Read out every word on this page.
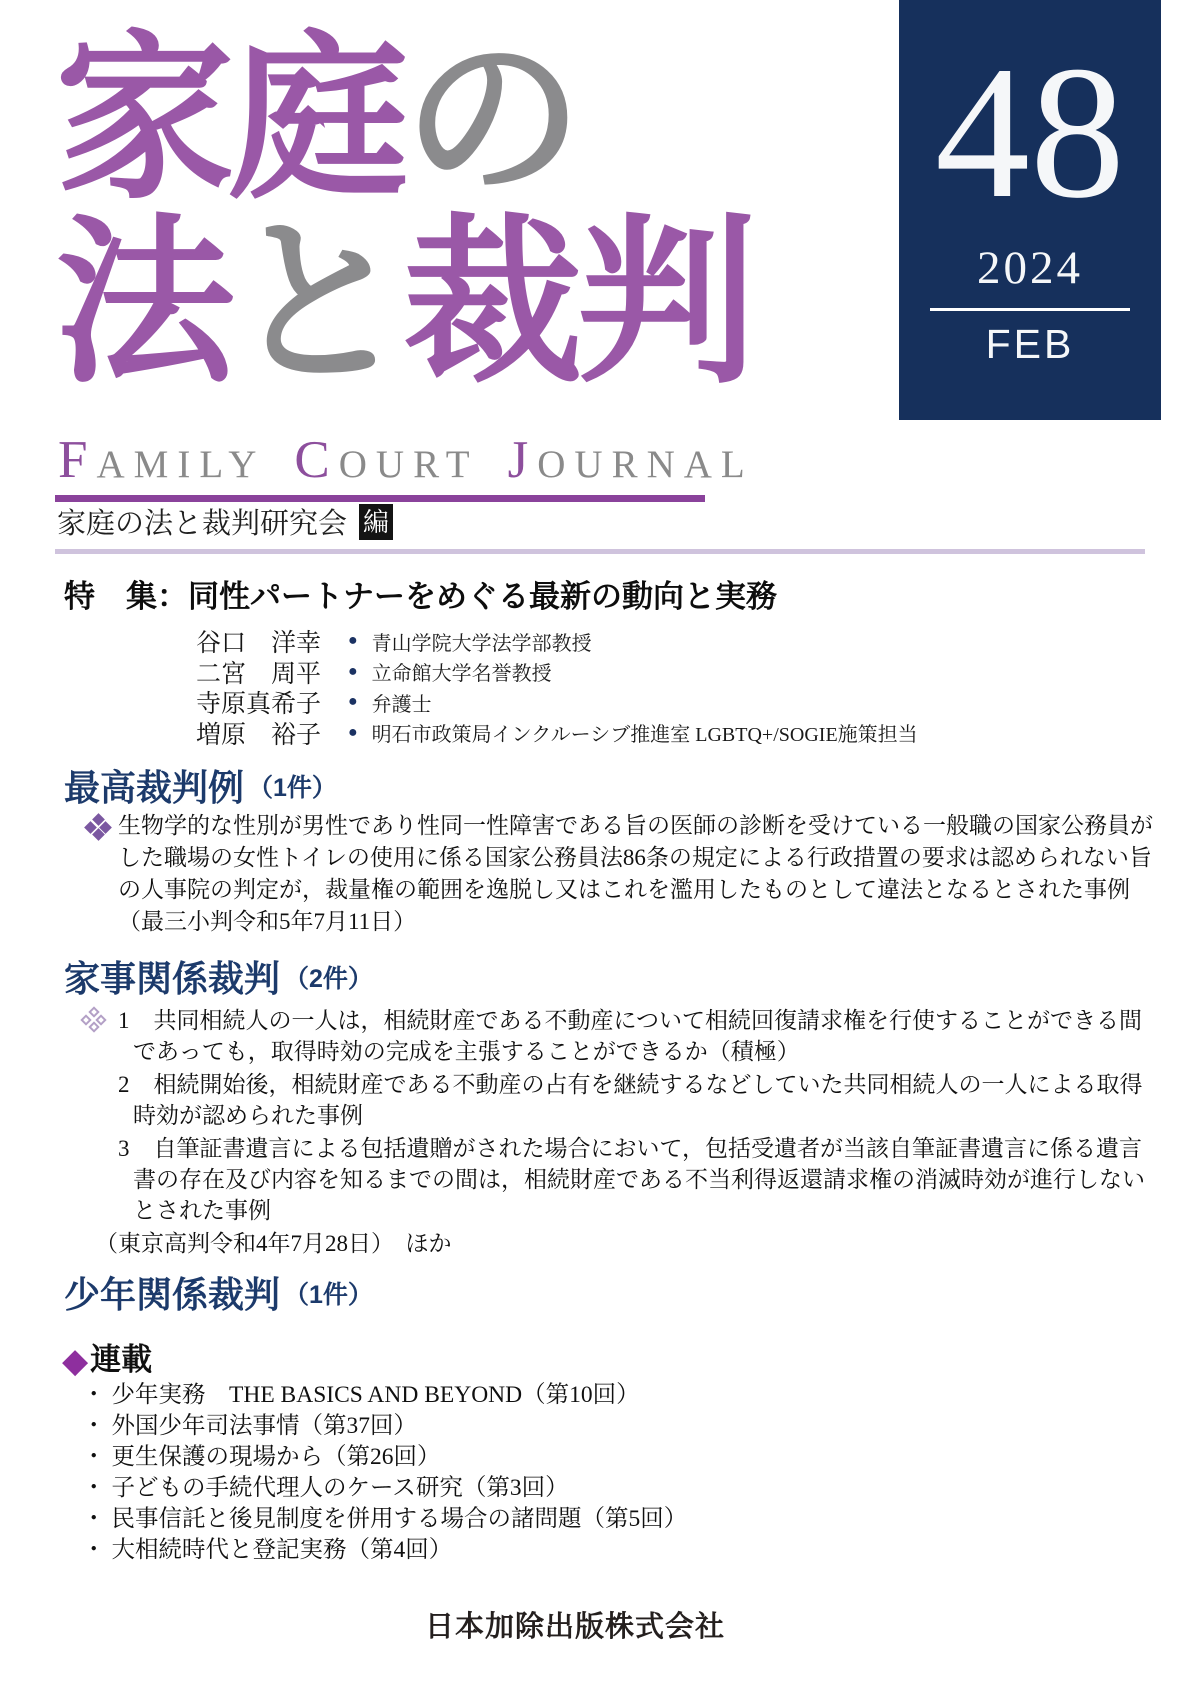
48
2024
FEB
家庭の
法と裁判
FAMILY COURT JOURNAL
家庭の法と裁判研究会 編
特　集：同性パートナーをめぐる最新の動向と実務
谷口　洋幸	● 青山学院大学法学部教授
二宮　周平	● 立命館大学名誉教授
寺原真希子	● 弁護士
増原　裕子	● 明石市政策局インクルーシブ推進室 LGBTQ+/SOGIE施策担当
最高裁判例 （1件）
生物学的な性別が男性であり性同一性障害である旨の医師の診断を受けている一般職の国家公務員がした職場の女性トイレの使用に係る国家公務員法86条の規定による行政措置の要求は認められない旨の人事院の判定が，裁量権の範囲を逸脱し又はこれを濫用したものとして違法となるとされた事例（最三小判令和5年7月11日）
家事関係裁判 （2件）
1 共同相続人の一人は，相続財産である不動産について相続回復請求権を行使することができる間であっても，取得時効の完成を主張することができるか（積極）
2 相続開始後，相続財産である不動産の占有を継続するなどしていた共同相続人の一人による取得時効が認められた事例
3 自筆証書遺言による包括遺贈がされた場合において，包括受遺者が当該自筆証書遺言に係る遺言書の存在及び内容を知るまでの間は，相続財産である不当利得返還請求権の消滅時効が進行しないとされた事例
（東京高判令和4年7月28日）　ほか
少年関係裁判 （1件）
◆連載
・ 少年実務　THE BASICS AND BEYOND（第10回）
・ 外国少年司法事情（第37回）
・ 更生保護の現場から（第26回）
・ 子どもの手続代理人のケース研究（第3回）
・ 民事信託と後見制度を併用する場合の諸問題（第5回）
・ 大相続時代と登記実務（第4回）
日本加除出版株式会社
